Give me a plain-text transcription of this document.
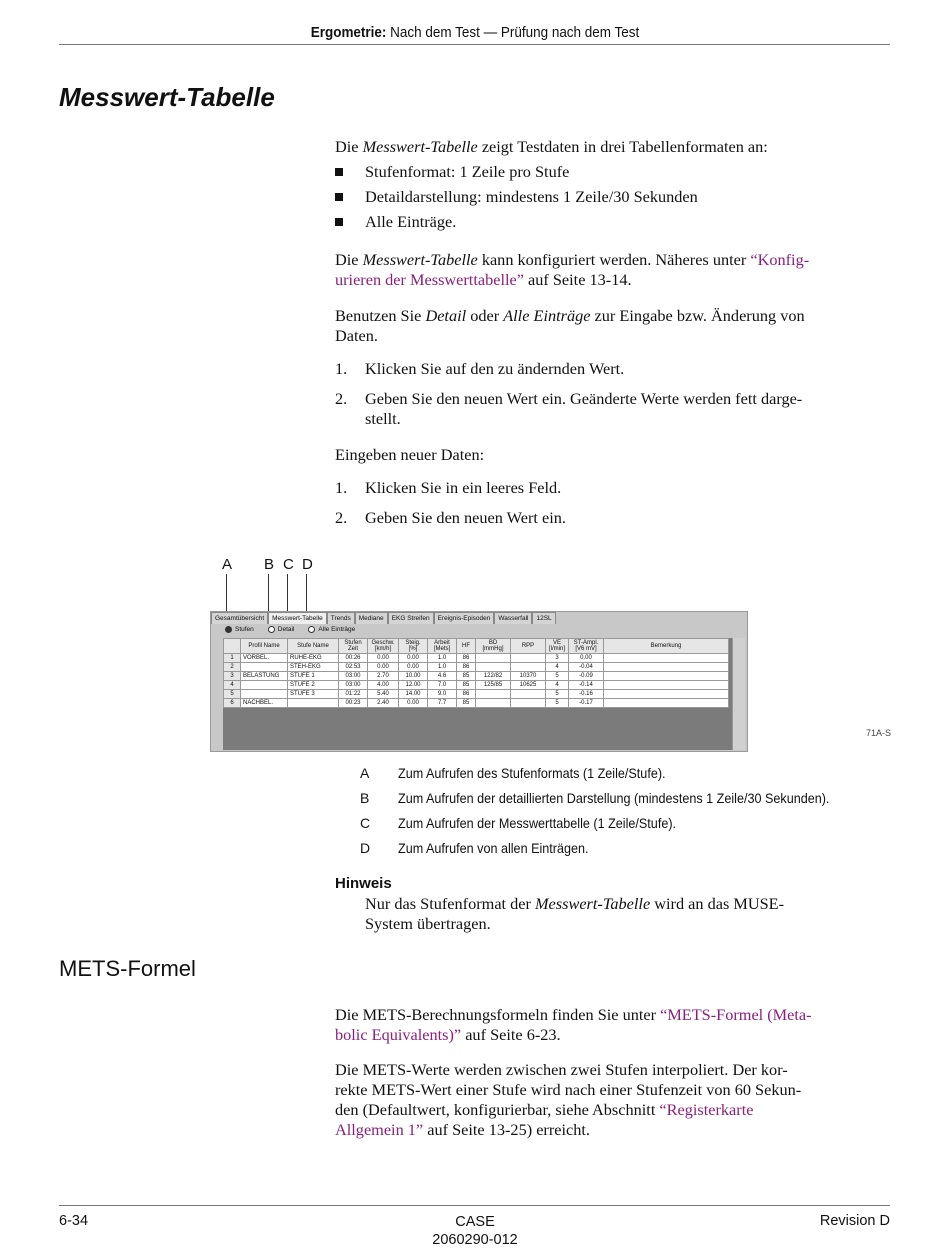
Ergometrie: Nach dem Test — Prüfung nach dem Test
Messwert-Tabelle
Die Messwert-Tabelle zeigt Testdaten in drei Tabellenformaten an:
Stufenformat: 1 Zeile pro Stufe
Detaildarstellung: mindestens 1 Zeile/30 Sekunden
Alle Einträge.
Die Messwert-Tabelle kann konfiguriert werden. Näheres unter “Konfig-
urieren der Messwerttabelle” auf Seite 13-14.
Benutzen Sie Detail oder Alle Einträge zur Eingabe bzw. Änderung von
Daten.
1. Klicken Sie auf den zu ändernden Wert.
2. Geben Sie den neuen Wert ein. Geänderte Werte werden fett darge-
stellt.
Eingeben neuer Daten:
1. Klicken Sie in ein leeres Feld.
2. Geben Sie den neuen Wert ein.
A B C D
Gesamtübersicht	Messwert-Tabelle	Trends	Mediane	EKG Streifen	Ereignis-Episoden	Wasserfall	12SL
Stufen	Detail	Alle Einträge
	Profil Name	Stufe Name	Stufen Zeit	Geschw. [km/h]	Steig. [%]	Arbeit [Mets]	HF	BD [mmHg]	RPP	VE [l/min]	ST-Ampl. [V6 mV]	Bemerkung
1	VORBEL.	RUHE-EKG	00:26	0.00	0.00	1.0	86			3	0.00	
2		STEH-EKG	02:53	0.00	0.00	1.0	86			4	-0.04	
3	BELASTUNG	STUFE 1	03:00	2.70	10.00	4.6	85	122/82	10370	5	-0.09	
4		STUFE 2	03:00	4.00	12.00	7.0	85	125/85	10625	4	-0.14	
5		STUFE 3	01:22	5.40	14.00	9.0	86			5	-0.16	
6	NACHBEL.		00:23	2.40	0.00	7.7	85			5	-0.17	
71A-S
A Zum Aufrufen des Stufenformats (1 Zeile/Stufe).
B Zum Aufrufen der detaillierten Darstellung (mindestens 1 Zeile/30 Sekunden).
C Zum Aufrufen der Messwerttabelle (1 Zeile/Stufe).
D Zum Aufrufen von allen Einträgen.
Hinweis
Nur das Stufenformat der Messwert-Tabelle wird an das MUSE-
System übertragen.
METS-Formel
Die METS-Berechnungsformeln finden Sie unter “METS-Formel (Meta-
bolic Equivalents)” auf Seite 6-23.
Die METS-Werte werden zwischen zwei Stufen interpoliert. Der kor-
rekte METS-Wert einer Stufe wird nach einer Stufenzeit von 60 Sekun-
den (Defaultwert, konfigurierbar, siehe Abschnitt “Registerkarte
Allgemein 1” auf Seite 13-25) erreicht.
6-34	CASE
2060290-012
Revision D
